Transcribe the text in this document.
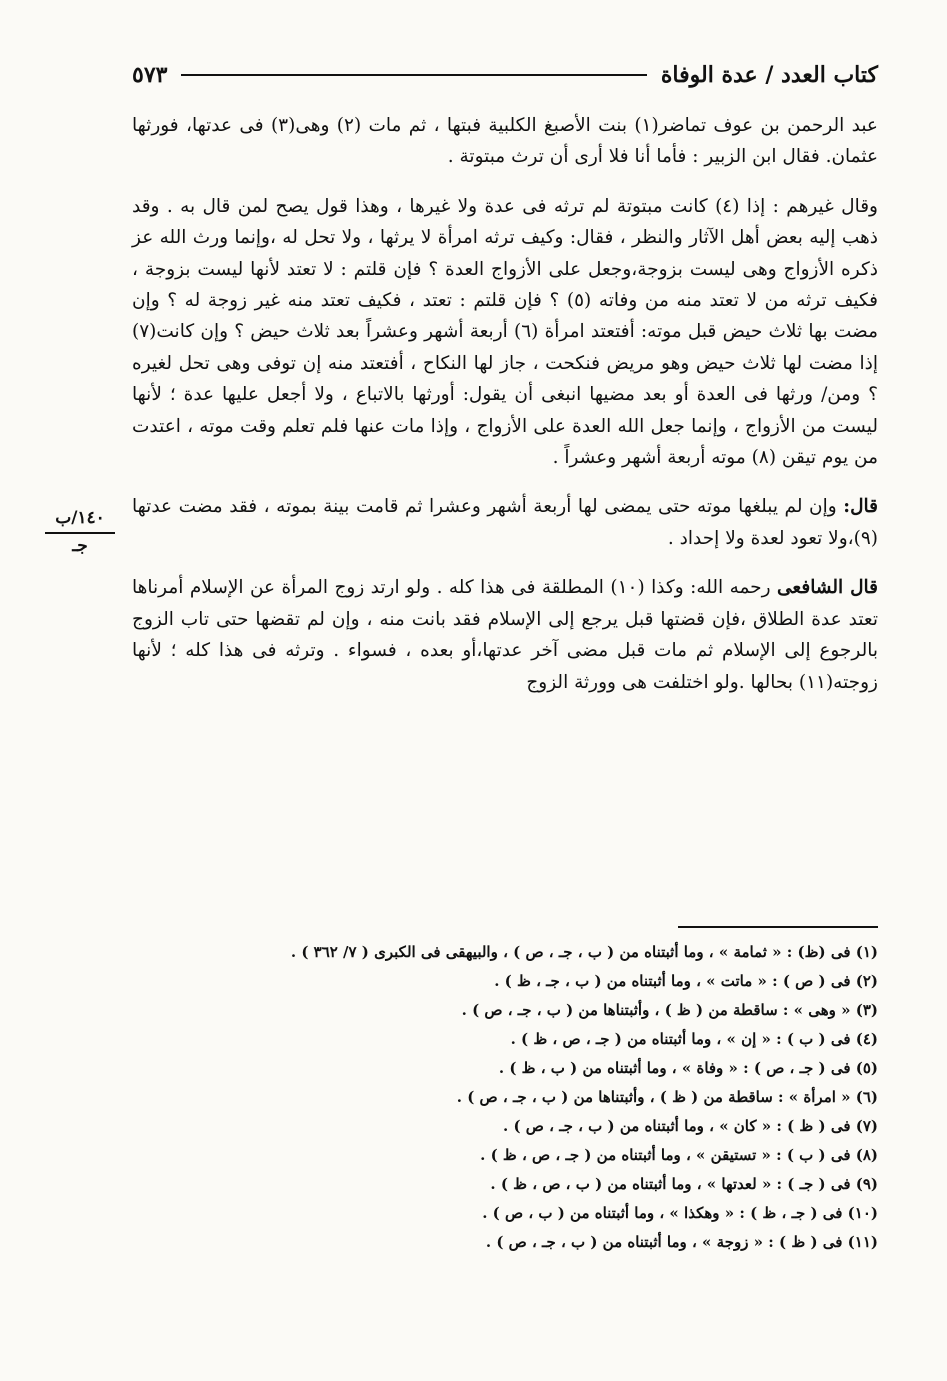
كتاب العدد / عدة الوفاة
٥٧٣
١٤٠/ب
جـ

عبد الرحمن بن عوف تماضر(١) بنت الأصبغ الكلبية فبتها ، ثم مات (٢) وهى(٣) فى عدتها، فورثها عثمان. فقال ابن الزبير : فأما أنا فلا أرى أن ترث مبتوتة .

وقال غيرهم : إذا (٤) كانت مبتوتة لم ترثه فى عدة ولا غيرها ، وهذا قول يصح لمن قال به . وقد ذهب إليه بعض أهل الآثار والنظر ، فقال: وكيف ترثه امرأة لا يرثها ، ولا تحل له ،وإنما ورث الله عز ذكره الأزواج وهى ليست بزوجة،وجعل على الأزواج العدة ؟ فإن قلتم : لا تعتد لأنها ليست بزوجة ، فكيف ترثه من لا تعتد منه من وفاته (٥) ؟ فإن قلتم : تعتد ، فكيف تعتد منه غير زوجة له ؟ وإن مضت بها ثلاث حيض قبل موته: أفتعتد امرأة (٦) أربعة أشهر وعشراً بعد ثلاث حيض ؟ وإن كانت(٧) إذا مضت لها ثلاث حيض وهو مريض فنكحت ، جاز لها النكاح ، أفتعتد منه إن توفى وهى تحل لغيره ؟ ومن/ ورثها فى العدة أو بعد مضيها انبغى أن يقول: أورثها بالاتباع ، ولا أجعل عليها عدة ؛ لأنها ليست من الأزواج ، وإنما جعل الله العدة على الأزواج ، وإذا مات عنها فلم تعلم وقت موته ، اعتدت من يوم تيقن (٨) موته أربعة أشهر وعشراً .

قال: وإن لم يبلغها موته حتى يمضى لها أربعة أشهر وعشرا ثم قامت بينة بموته ، فقد مضت عدتها (٩)،ولا تعود لعدة ولا إحداد .

قال الشافعى رحمه الله: وكذا (١٠) المطلقة فى هذا كله . ولو ارتد زوج المرأة عن الإسلام أمرناها تعتد عدة الطلاق ،فإن قضتها قبل يرجع إلى الإسلام فقد بانت منه ، وإن لم تقضها حتى تاب الزوج بالرجوع إلى الإسلام ثم مات قبل مضى آخر عدتها،أو بعده ، فسواء . وترثه فى هذا كله ؛ لأنها زوجته(١١) بحالها .ولو اختلفت هى وورثة الزوج

(١) فى (ظ) : « ثمامة » ، وما أثبتناه من ( ب ، جـ ، ص ) ، والبيهقى فى الكبرى ( ٧/ ٣٦٢ ) .
(٢) فى ( ص ) : « ماتت » ، وما أثبتناه من ( ب ، جـ ، ظ ) .
(٣) « وهى » : ساقطة من ( ظ ) ، وأثبتناها من ( ب ، جـ ، ص ) .
(٤) فى ( ب ) : « إن » ، وما أثبتناه من ( جـ ، ص ، ظ ) .
(٥) فى ( جـ ، ص ) : « وفاة » ، وما أثبتناه من ( ب ، ظ ) .
(٦) « امرأة » : ساقطة من ( ظ ) ، وأثبتناها من ( ب ، جـ ، ص ) .
(٧) فى ( ظ ) : « كان » ، وما أثبتناه من ( ب ، جـ ، ص ) .
(٨) فى ( ب ) : « تستيقن » ، وما أثبتناه من ( جـ ، ص ، ظ ) .
(٩) فى ( جـ ) : « لعدتها » ، وما أثبتناه من ( ب ، ص ، ظ ) .
(١٠) فى ( جـ ، ظ ) : « وهكذا » ، وما أثبتناه من ( ب ، ص ) .
(١١) فى ( ظ ) : « زوجة » ، وما أثبتناه من ( ب ، جـ ، ص ) .
